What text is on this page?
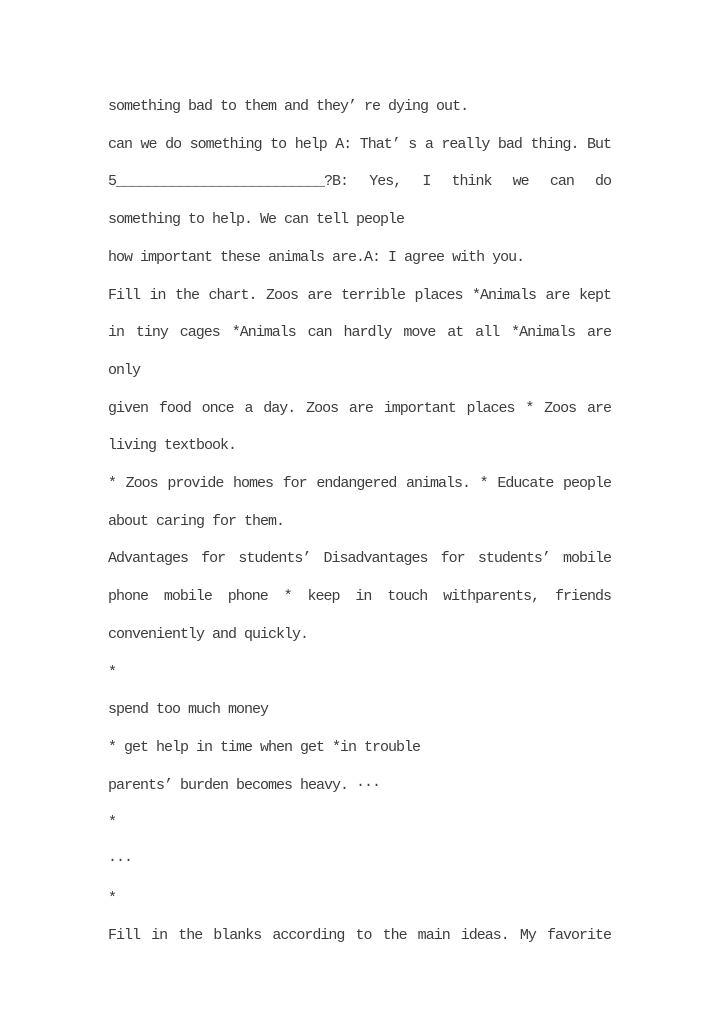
something bad to them and they’ re dying out.
can we do something to help A: That’ s a really bad thing. But
5__________________________?B: Yes, I think we can do
something to help. We can tell people
how important these animals are.A: I agree with you.
Fill in the chart. Zoos are terrible places *Animals are kept
in tiny cages *Animals can hardly move at all *Animals are only
given food once a day. Zoos are important places * Zoos are
living textbook.
* Zoos provide homes for endangered animals. * Educate people
about caring for them.
Advantages for students’ Disadvantages for students’ mobile
phone mobile phone * keep in touch withparents, friends
conveniently and quickly.
*
spend too much money
* get help in time when get *in trouble
parents’ burden becomes heavy. ···
*
···
*
Fill in the blanks according to the main ideas. My favorite
